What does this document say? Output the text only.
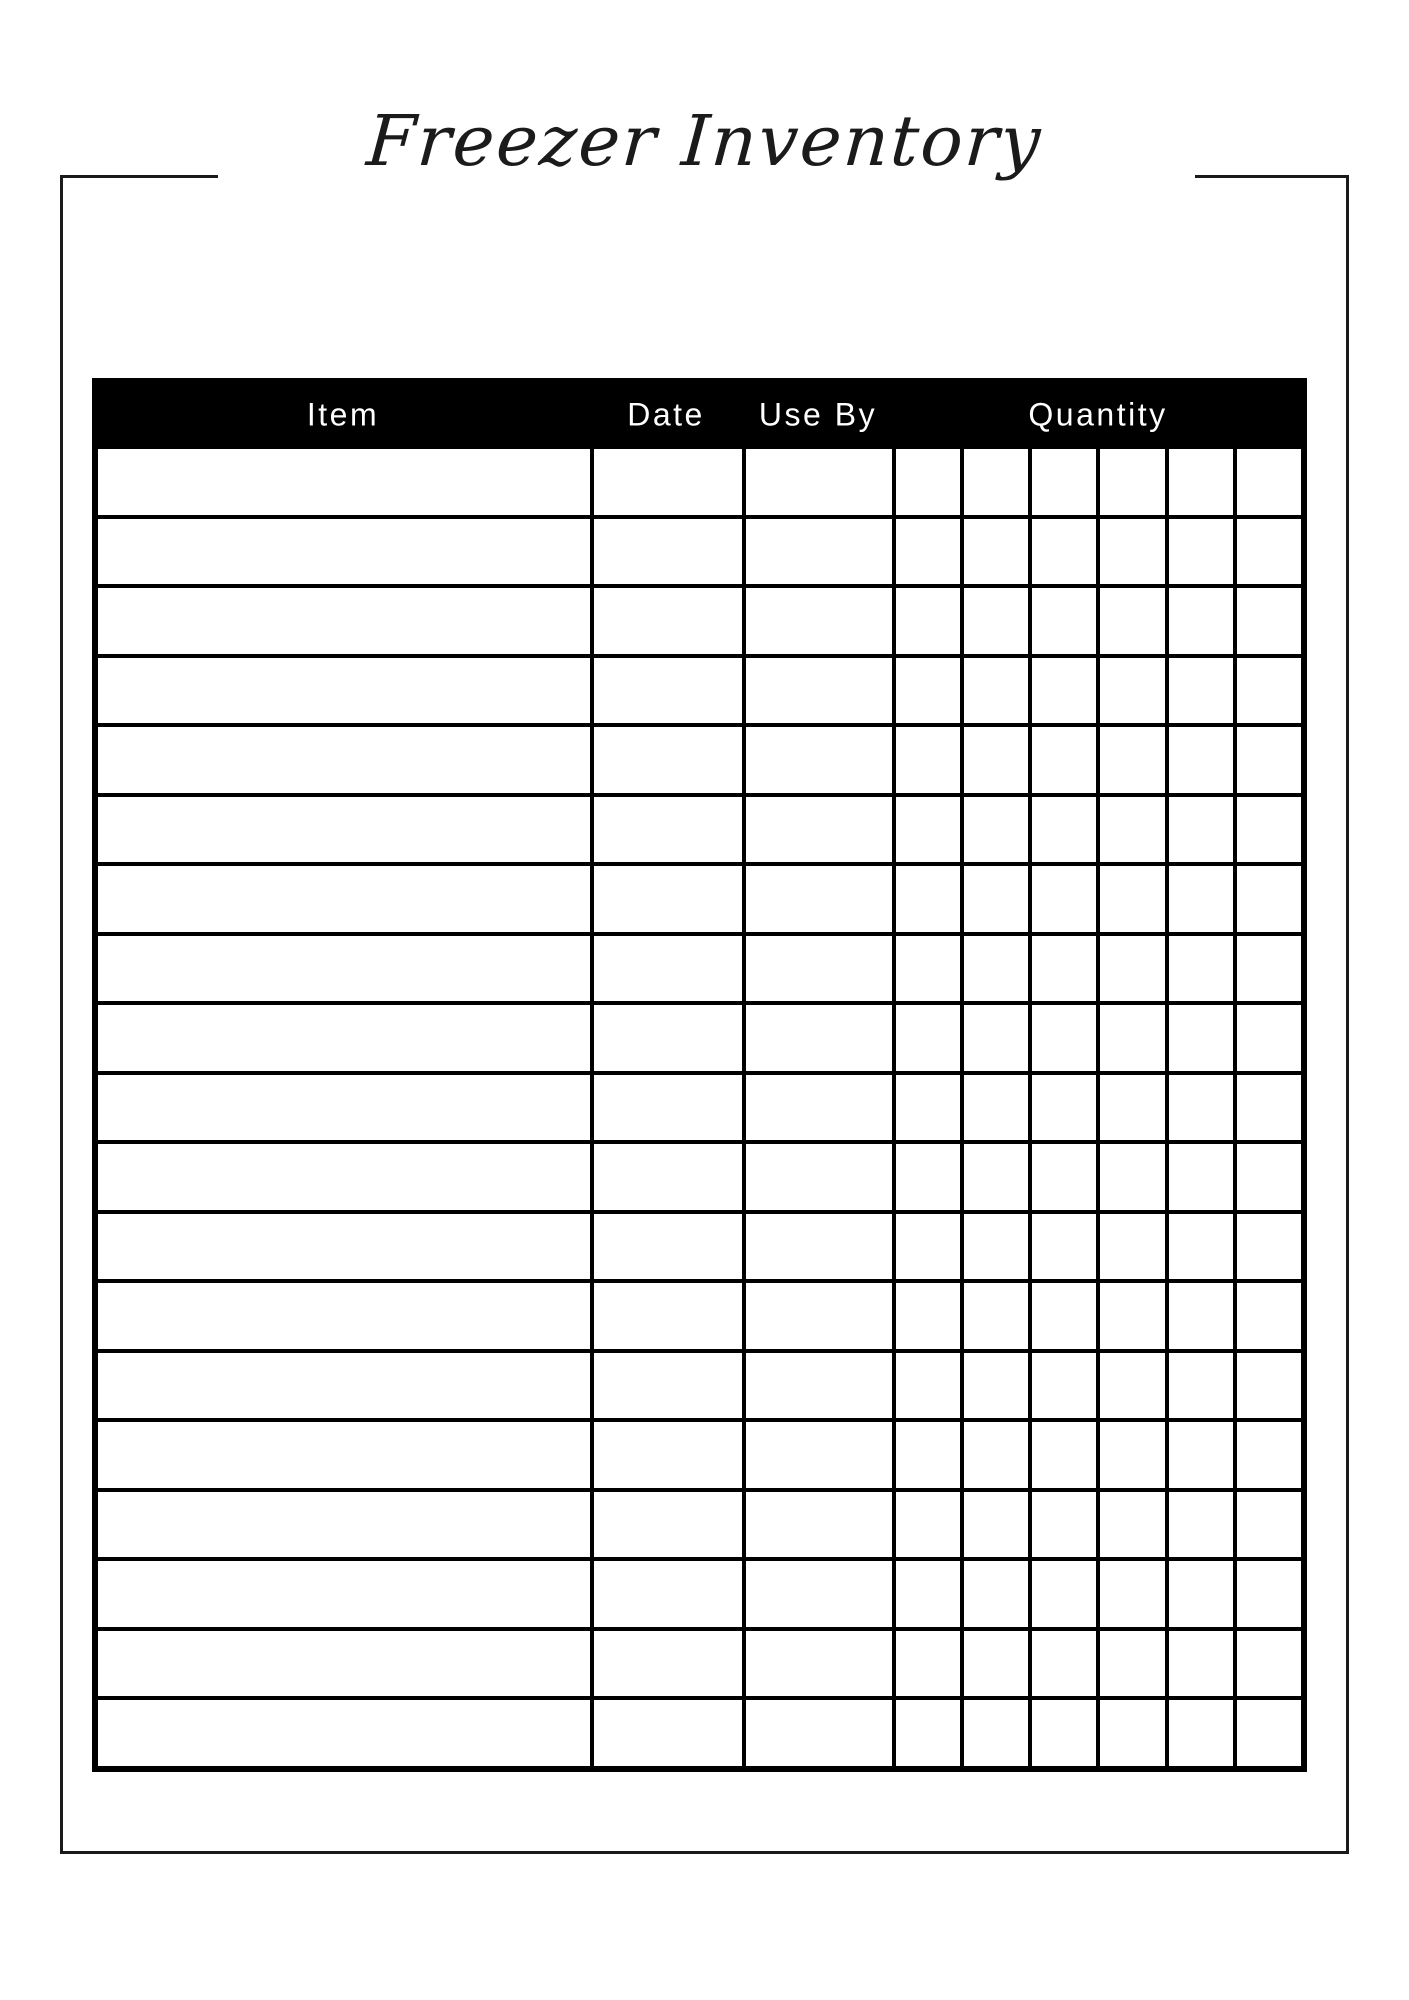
Freezer Inventory
Item	Date Use By	Quantity
